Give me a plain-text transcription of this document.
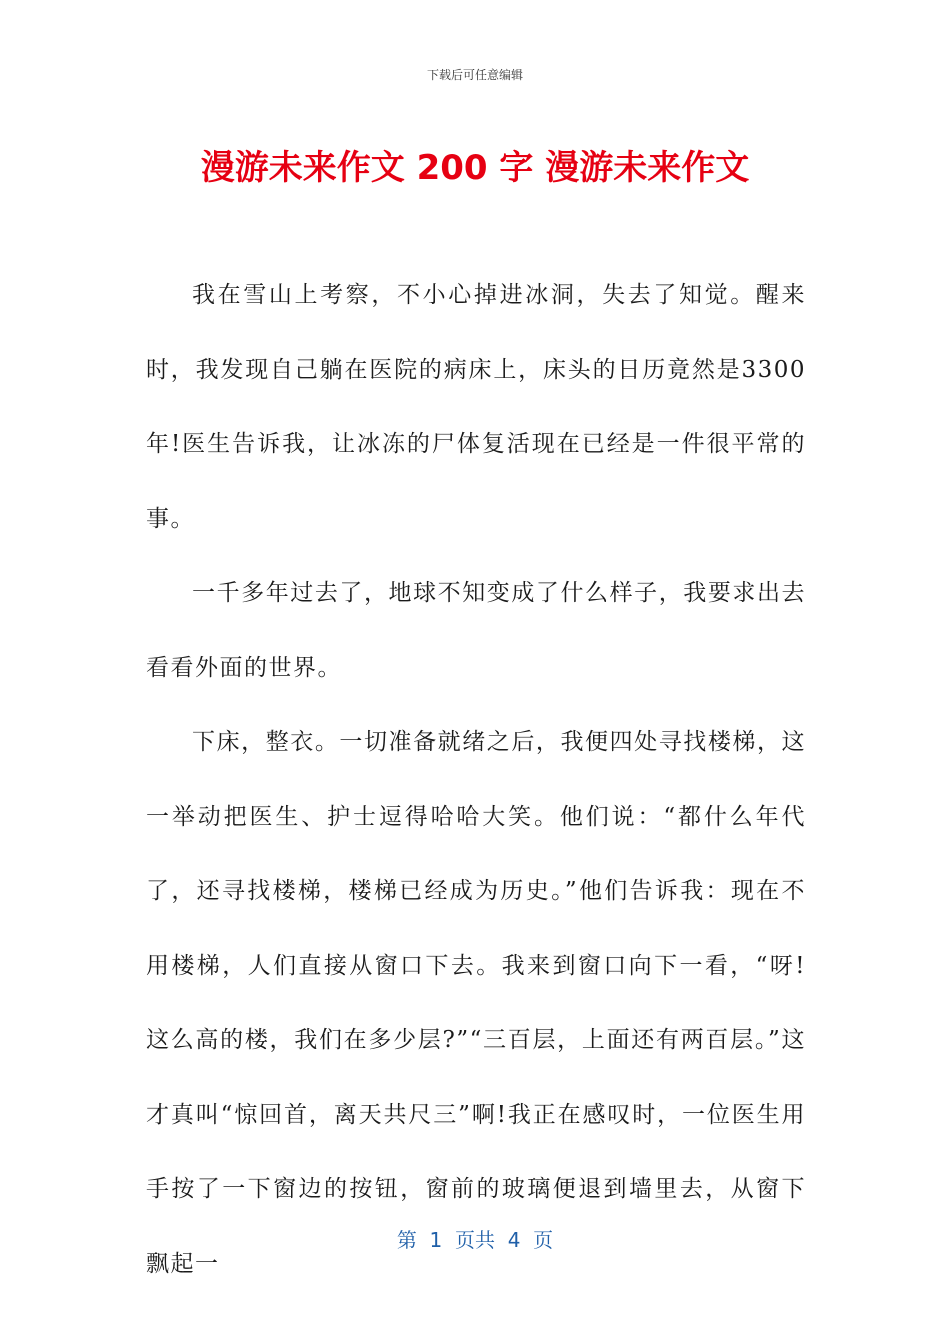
下载后可任意编辑
漫游未来作文 200 字 漫游未来作文

我在雪山上考察，不小心掉进冰洞，失去了知觉。醒来时，我发现自己躺在医院的病床上，床头的日历竟然是3300年!医生告诉我，让冰冻的尸体复活现在已经是一件很平常的事。

一千多年过去了，地球不知变成了什么样子，我要求出去看看外面的世界。

下床，整衣。一切准备就绪之后，我便四处寻找楼梯，这一举动把医生、护士逗得哈哈大笑。他们说：“都什么年代了，还寻找楼梯，楼梯已经成为历史。”他们告诉我：现在不用楼梯，人们直接从窗口下去。我来到窗口向下一看，“呀!这么高的楼，我们在多少层?”“三百层，上面还有两百层。”这才真叫“惊回首，离天共尺三”啊!我正在感叹时，一位医生用手按了一下窗边的按钮，窗前的玻璃便退到墙里去，从窗下飘起一

第  1  页共  4  页
